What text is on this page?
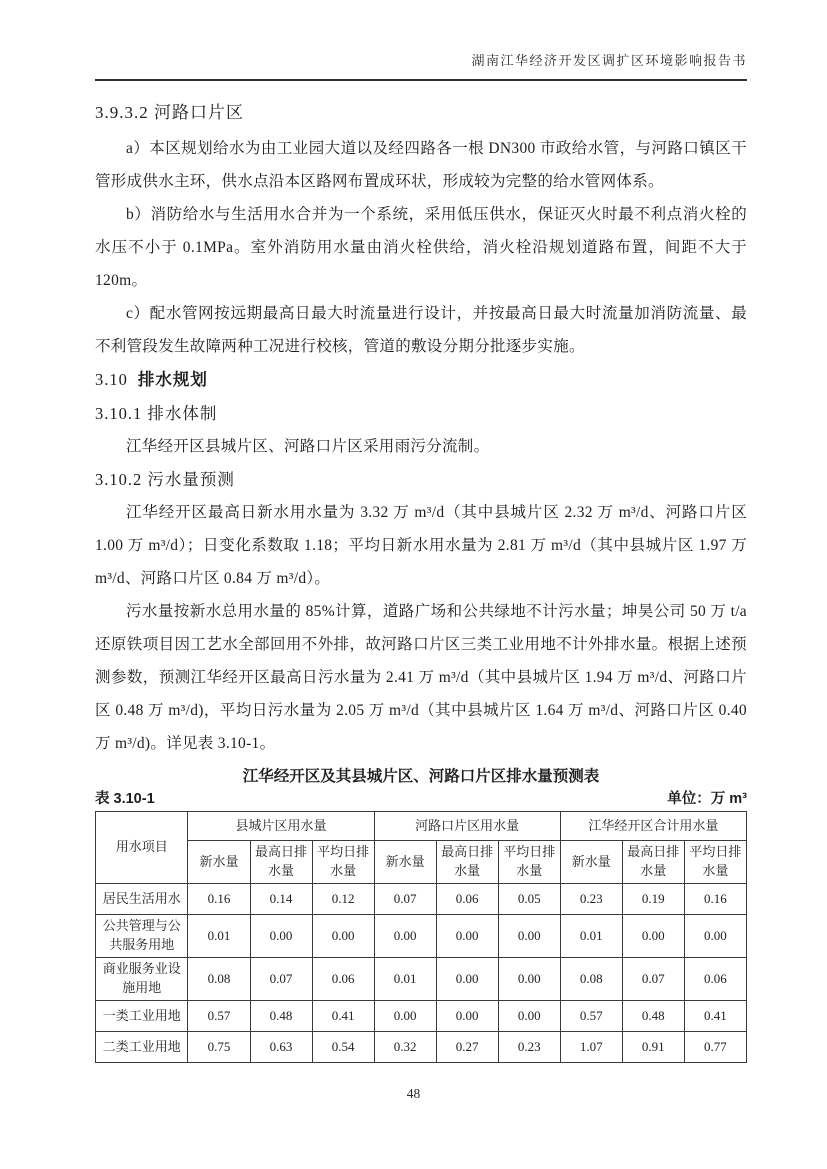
湖南江华经济开发区调扩区环境影响报告书
3.9.3.2 河路口片区

a）本区规划给水为由工业园大道以及经四路各一根 DN300 市政给水管，与河路口镇区干管形成供水主环，供水点沿本区路网布置成环状，形成较为完整的给水管网体系。

b）消防给水与生活用水合并为一个系统，采用低压供水，保证灭火时最不利点消火栓的水压不小于 0.1MPa。室外消防用水量由消火栓供给，消火栓沿规划道路布置，间距不大于 120m。

c）配水管网按远期最高日最大时流量进行设计，并按最高日最大时流量加消防流量、最不利管段发生故障两种工况进行校核，管道的敷设分期分批逐步实施。

3.10 排水规划
3.10.1 排水体制

江华经开区县城片区、河路口片区采用雨污分流制。

3.10.2 污水量预测

江华经开区最高日新水用水量为 3.32 万 m³/d（其中县城片区 2.32 万 m³/d、河路口片区 1.00 万 m³/d）；日变化系数取 1.18；平均日新水用水量为 2.81 万 m³/d（其中县城片区 1.97 万 m³/d、河路口片区 0.84 万 m³/d）。

污水量按新水总用水量的 85%计算，道路广场和公共绿地不计污水量；坤昊公司 50 万 t/a 还原铁项目因工艺水全部回用不外排，故河路口片区三类工业用地不计外排水量。根据上述预测参数，预测江华经开区最高日污水量为 2.41 万 m³/d（其中县城片区 1.94 万 m³/d、河路口片区 0.48 万 m³/d)，平均日污水量为 2.05 万 m³/d（其中县城片区 1.64 万 m³/d、河路口片区 0.40 万 m³/d)。详见表 3.10-1。

江华经开区及其县城片区、河路口片区排水量预测表
表 3.10-1	单位：万 m³
用水项目	县城片区用水量			河路口片区用水量			江华经开区合计用水量		
	新水量	最高日排水量	平均日排水量	新水量	最高日排水量	平均日排水量	新水量	最高日排水量	平均日排水量
居民生活用水	0.16	0.14	0.12	0.07	0.06	0.05	0.23	0.19	0.16
公共管理与公共服务用地	0.01	0.00	0.00	0.00	0.00	0.00	0.01	0.00	0.00
商业服务业设施用地	0.08	0.07	0.06	0.01	0.00	0.00	0.08	0.07	0.06
一类工业用地	0.57	0.48	0.41	0.00	0.00	0.00	0.57	0.48	0.41
二类工业用地	0.75	0.63	0.54	0.32	0.27	0.23	1.07	0.91	0.77
48
